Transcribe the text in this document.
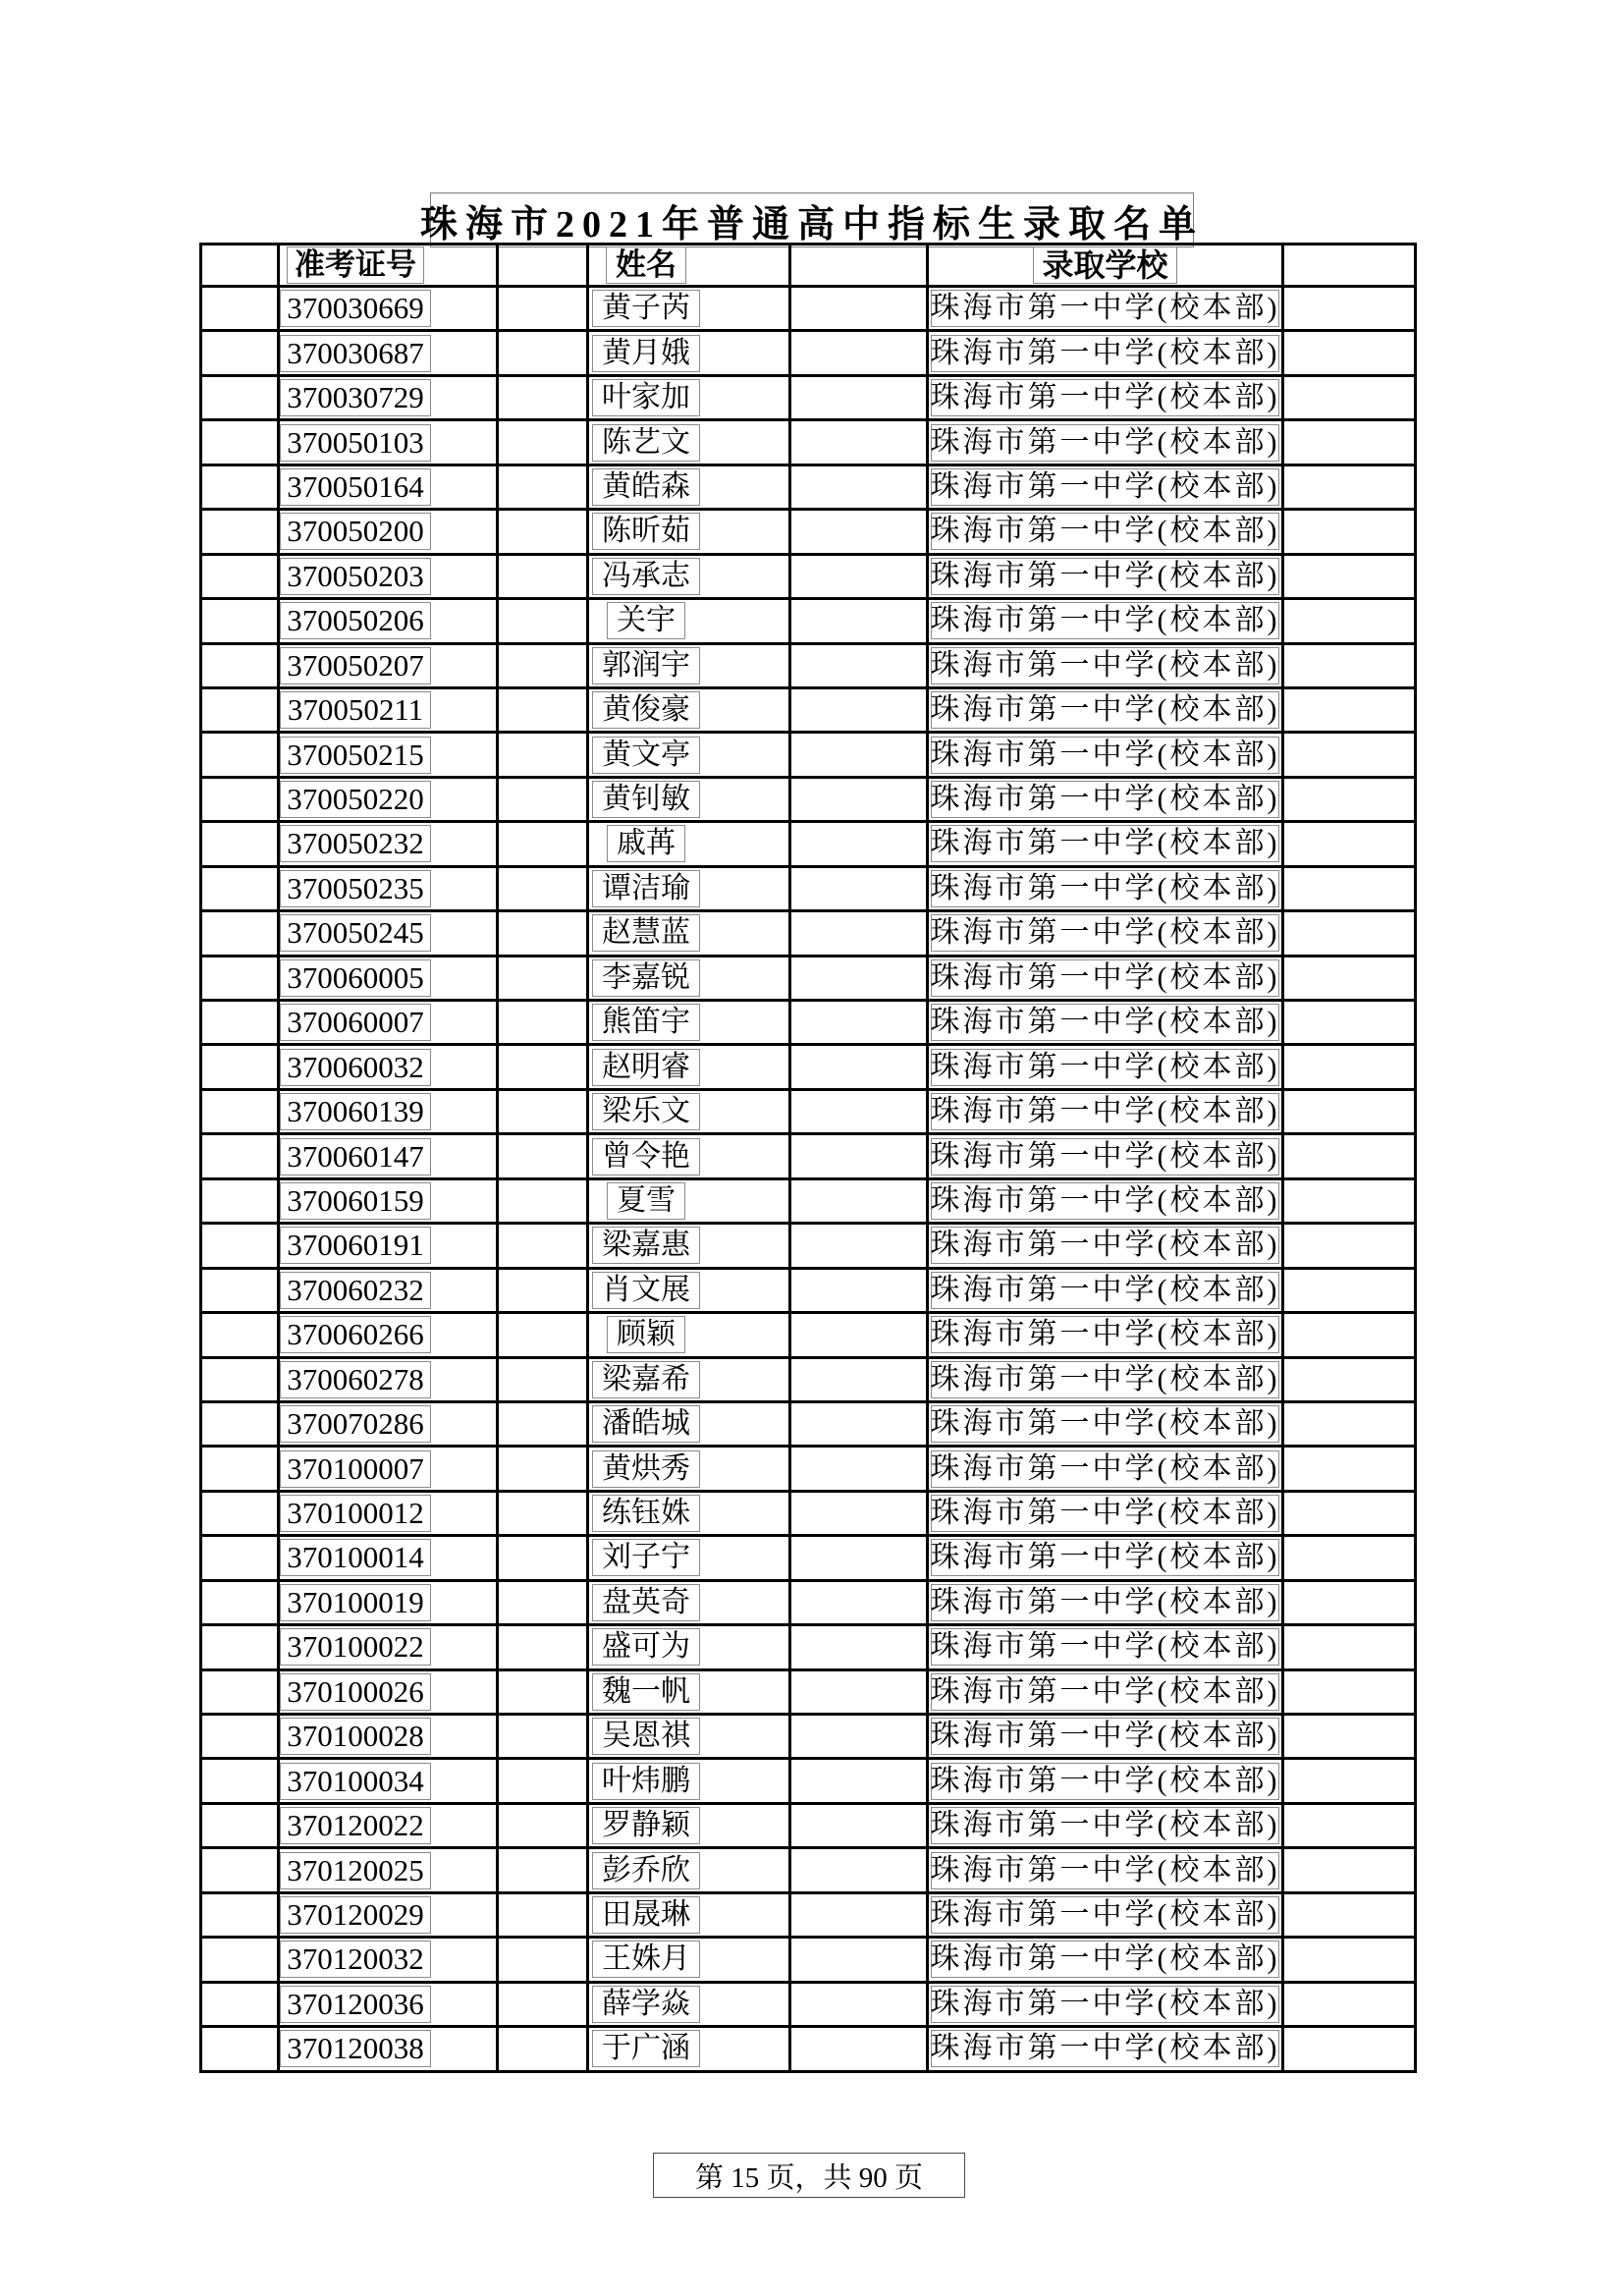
珠海市2021年普通高中指标生录取名单

准考证号		姓名		录取学校	

370030669		黄子芮		珠海市第一中学(校本部)	

370030687		黄月娥		珠海市第一中学(校本部)	

370030729		叶家加		珠海市第一中学(校本部)	

370050103		陈艺文		珠海市第一中学(校本部)	

370050164		黄皓森		珠海市第一中学(校本部)	

370050200		陈昕茹		珠海市第一中学(校本部)	

370050203		冯承志		珠海市第一中学(校本部)	

370050206		关宇		珠海市第一中学(校本部)	

370050207		郭润宇		珠海市第一中学(校本部)	

370050211		黄俊豪		珠海市第一中学(校本部)	

370050215		黄文亭		珠海市第一中学(校本部)	

370050220		黄钊敏		珠海市第一中学(校本部)	

370050232		戚苒		珠海市第一中学(校本部)	

370050235		谭洁瑜		珠海市第一中学(校本部)	

370050245		赵慧蓝		珠海市第一中学(校本部)	

370060005		李嘉锐		珠海市第一中学(校本部)	

370060007		熊笛宇		珠海市第一中学(校本部)	

370060032		赵明睿		珠海市第一中学(校本部)	

370060139		梁乐文		珠海市第一中学(校本部)	

370060147		曾令艳		珠海市第一中学(校本部)	

370060159		夏雪		珠海市第一中学(校本部)	

370060191		梁嘉惠		珠海市第一中学(校本部)	

370060232		肖文展		珠海市第一中学(校本部)	

370060266		顾颖		珠海市第一中学(校本部)	

370060278		梁嘉希		珠海市第一中学(校本部)	

370070286		潘皓城		珠海市第一中学(校本部)	

370100007		黄烘秀		珠海市第一中学(校本部)	

370100012		练钰姝		珠海市第一中学(校本部)	

370100014		刘子宁		珠海市第一中学(校本部)	

370100019		盘英奇		珠海市第一中学(校本部)	

370100022		盛可为		珠海市第一中学(校本部)	

370100026		魏一帆		珠海市第一中学(校本部)	

370100028		吴恩祺		珠海市第一中学(校本部)	

370100034		叶炜鹏		珠海市第一中学(校本部)	

370120022		罗静颖		珠海市第一中学(校本部)	

370120025		彭乔欣		珠海市第一中学(校本部)	

370120029		田晟琳		珠海市第一中学(校本部)	

370120032		王姝月		珠海市第一中学(校本部)	

370120036		薛学焱		珠海市第一中学(校本部)	

370120038		于广涵		珠海市第一中学(校本部)	

第 15 页，共 90 页
